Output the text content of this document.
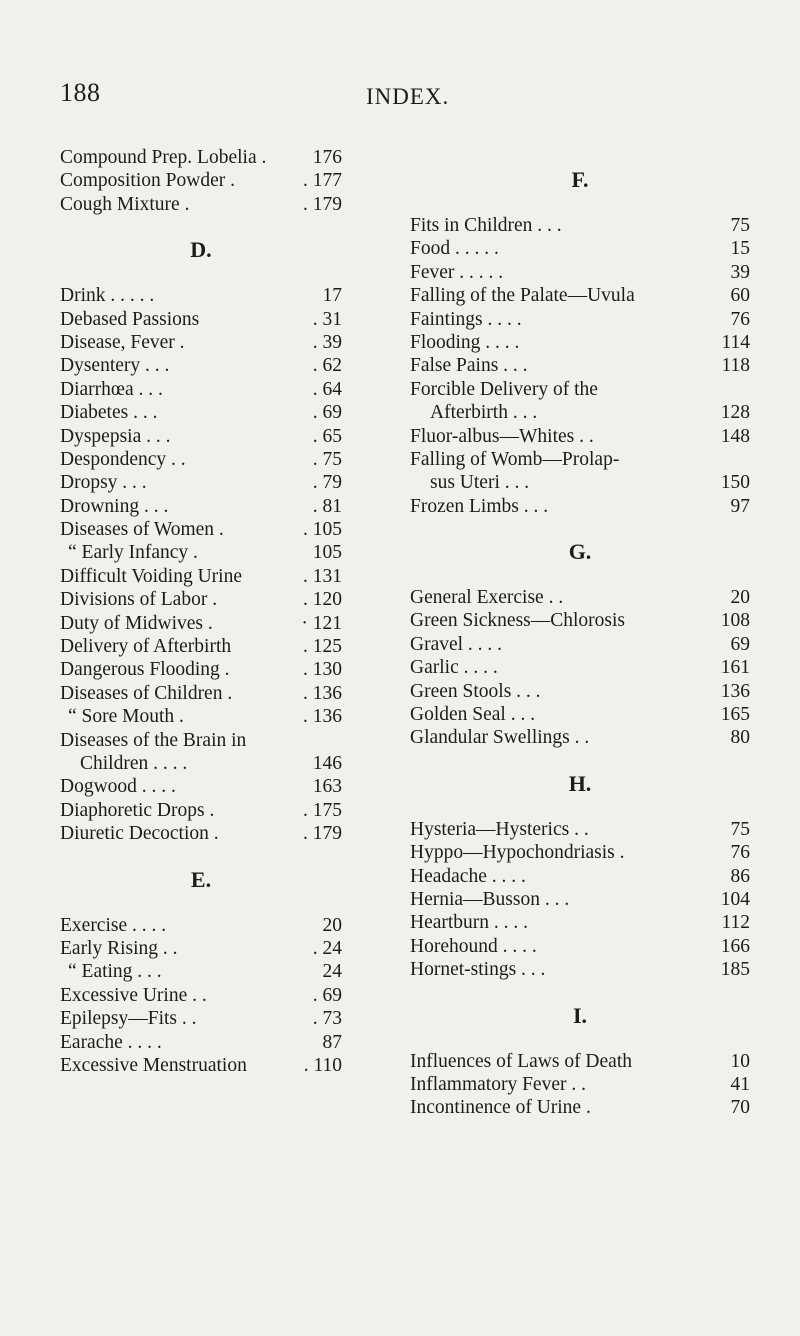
188	INDEX.
Compound Prep. Lobelia . 176
Composition Powder .	. 177
Cough Mixture .	. 179
D.
Drink . . . . .	17
Debased Passions	. 31
Disease, Fever .	. 39
Dysentery . . .	. 62
Diarrhœa . . .	. 64
Diabetes . . .	. 69
Dyspepsia . . .	. 65
Despondency . .	. 75
Dropsy . . .	. 79
Drowning . . .	. 81
Diseases of Women .	. 105
“ Early Infancy .	105
Difficult Voiding Urine	. 131
Divisions of Labor .	. 120
Duty of Midwives .	· 121
Delivery of Afterbirth	. 125
Dangerous Flooding .	. 130
Diseases of Children .	. 136
“ Sore Mouth .	. 136
Diseases of the Brain in
Children . . . .	146
Dogwood . . . .	163
Diaphoretic Drops .	. 175
Diuretic Decoction .	. 179
E.
Exercise . . . .	20
Early Rising . .	. 24
“ Eating . . .	24
Excessive Urine . .	. 69
Epilepsy—Fits . .	. 73
Earache . . . .	87
Excessive Menstruation	. 110
F.
Fits in Children . . .	75
Food . . . . .	15
Fever . . . . .	39
Falling of the Palate—Uvula	60
Faintings . . . .	76
Flooding . . . .	114
False Pains . . .	118
Forcible Delivery of the
Afterbirth . . .	128
Fluor-albus—Whites . .	148
Falling of Womb—Prolap-
sus Uteri . . .	150
Frozen Limbs . . .	97
G.
General Exercise . .	20
Green Sickness—Chlorosis	108
Gravel . . . .	69
Garlic . . . .	161
Green Stools . . .	136
Golden Seal . . .	165
Glandular Swellings . .	80
H.
Hysteria—Hysterics . .	75
Hyppo—Hypochondriasis .	76
Headache . . . .	86
Hernia—Busson . . .	104
Heartburn . . . .	112
Horehound . . . .	166
Hornet-stings . . .	185
I.
Influences of Laws of Death	10
Inflammatory Fever . .	41
Incontinence of Urine .	70
